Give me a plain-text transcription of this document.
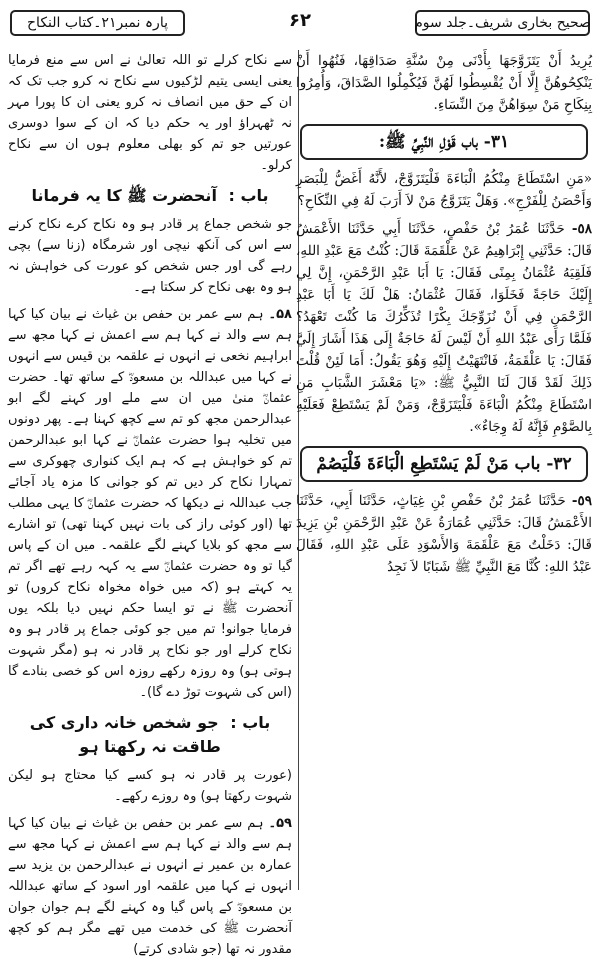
صحیح بخاری شریف۔جلد سوم
۶۲
پارہ نمبر۲۱۔کتاب النکاح

يُرِيدُ أَنْ يَتَزَوَّجَهَا بِأَدْنَى مِنْ سُنَّةِ صَدَاقِهَا، فَنُهُوا أَنْ يَنْكِحُوهُنَّ إِلَّا أَنْ يُقْسِطُوا لَهُنَّ فَيُكْمِلُوا الصَّدَاقَ، وَأُمِرُوا بِنِكَاحِ مَنْ سِوَاهُنَّ مِنَ النِّسَاءِ.

٣١- باب قَوْلِ النَّبِيِّ ﷺ:

«مَنِ اسْتَطَاعَ مِنْكُمُ الْبَاءَةَ فَلْيَتَزَوَّجْ، لأَنَّهُ أَغَضُّ لِلْبَصَرِ وَأَحْصَنُ لِلْفَرْجِ». وَهَلْ يَتَزَوَّجُ مَنْ لاَ أَرَبَ لَهُ فِي النِّكَاحِ؟

٥٨- حَدَّثَنَا عُمَرُ بْنُ حَفْصٍ، حَدَّثَنَا أَبِي حَدَّثَنَا الأَعْمَشُ قَالَ: حَدَّثَنِي إِبْرَاهِيمُ عَنْ عَلْقَمَةَ قَالَ: كُنْتُ مَعَ عَبْدِ اللهِ، فَلَقِيَهُ عُثْمَانُ بِمِنًى فَقَالَ: يَا أَبَا عَبْدِ الرَّحْمَنِ، إِنَّ لِي إِلَيْكَ حَاجَةً فَخَلَوَا، فَقَالَ عُثْمَانُ: هَلْ لَكَ يَا أَبَا عَبْدِ الرَّحْمَنِ فِي أَنْ نُزَوِّجَكَ بِكْرًا تُذَكِّرُكَ مَا كُنْتَ تَعْهَدُ؟ فَلَمَّا رَأَى عَبْدُ اللهِ أَنْ لَيْسَ لَهُ حَاجَةٌ إِلَى هَذَا أَشَارَ إِلَيَّ فَقَالَ: يَا عَلْقَمَةُ، فَانْتَهَيْتُ إِلَيْهِ وَهُوَ يَقُولُ: أَمَا لَئِنْ قُلْتَ ذَلِكَ لَقَدْ قَالَ لَنَا النَّبِيُّ ﷺ: «يَا مَعْشَرَ الشَّبَابِ مَنِ اسْتَطَاعَ مِنْكُمُ الْبَاءَةَ فَلْيَتَزَوَّجْ، وَمَنْ لَمْ يَسْتَطِعْ فَعَلَيْهِ بِالصَّوْمِ فَإِنَّهُ لَهُ وِجَاءٌ».

٣٢- باب مَنْ لَمْ يَسْتَطِعِ الْبَاءَةَ فَلْيَصُمْ

٥٩- حَدَّثَنَا عُمَرُ بْنُ حَفْصِ بْنِ غِيَاثٍ، حَدَّثَنَا أَبِي، حَدَّثَنَا الأَعْمَشُ قَالَ: حَدَّثَنِي عُمَارَةُ عَنْ عَبْدِ الرَّحْمَنِ بْنِ يَزِيدَ قَالَ: دَخَلْتُ مَعَ عَلْقَمَةَ وَالأَسْوَدِ عَلَى عَبْدِ اللهِ، فَقَالَ عَبْدُ اللهِ: كُنَّا مَعَ النَّبِيِّ ﷺ شَبَابًا لاَ نَجِدُ

سے نکاح کرلے تو اللہ تعالیٰ نے اس سے منع فرمایا یعنی ایسی یتیم لڑکیوں سے نکاح نہ کرو جب تک کہ ان کے حق میں انصاف نہ کرو یعنی ان کا پورا مہر نہ ٹھہراؤ اور یہ حکم دیا کہ ان کے سوا دوسری عورتیں جو تم کو بھلی معلوم ہوں ان سے نکاح کرلو۔

باب : آنحضرت ﷺ کا یہ فرمانا

جو شخص جماع پر قادر ہو وہ نکاح کرے نکاح کرنے سے اس کی آنکھ نیچی اور شرمگاہ (زنا سے) بچی رہے گی اور جس شخص کو عورت کی خواہش نہ ہو وہ بھی نکاح کر سکتا ہے۔

۵۸۔ ہم سے عمر بن حفص بن غیاث نے بیان کیا کہا ہم سے والد نے کہا ہم سے اعمش نے کہا مجھ سے ابراہیم نخعی نے انہوں نے علقمہ بن قیس سے انہوں نے کہا میں عبداللہ بن مسعودؓ کے ساتھ تھا۔ حضرت عثمانؓ منیٰ میں ان سے ملے اور کہنے لگے ابو عبدالرحمن مجھ کو تم سے کچھ کہنا ہے۔ پھر دونوں میں تخلیہ ہوا حضرت عثمانؓ نے کہا ابو عبدالرحمن تم کو خواہش ہے کہ ہم ایک کنواری چھوکری سے تمہارا نکاح کر دیں تم کو جوانی کا مزہ یاد آجائے جب عبداللہ نے دیکھا کہ حضرت عثمانؓ کا یہی مطلب تھا (اور کوئی راز کی بات نہیں کہنا تھی) تو اشارے سے مجھ کو بلایا کہنے لگے علقمہ۔ میں ان کے پاس گیا تو وہ حضرت عثمانؓ سے یہ کہہ رہے تھے اگر تم یہ کہتے ہو (کہ میں خواہ مخواہ نکاح کروں) تو آنحضرت ﷺ نے تو ایسا حکم نہیں دیا بلکہ یوں فرمایا جوانو! تم میں جو کوئی جماع پر قادر ہو وہ نکاح کرلے اور جو نکاح پر قادر نہ ہو (مگر شہوت ہوتی ہو) وہ روزہ رکھے روزہ اس کو خصی بنادے گا (اس کی شہوت توڑ دے گا)۔

باب : جو شخص خانہ داری کی طاقت نہ رکھتا ہو

(عورت پر قادر نہ ہو کسے کیا محتاج ہو لیکن شہوت رکھتا ہو) وہ روزے رکھے۔

۵۹۔ ہم سے عمر بن حفص بن غیاث نے بیان کیا کہا ہم سے والد نے کہا ہم سے اعمش نے کہا مجھ سے عمارہ بن عمیر نے انہوں نے عبدالرحمن بن یزید سے انہوں نے کہا میں علقمہ اور اسود کے ساتھ عبداللہ بن مسعودؓ کے پاس گیا وہ کہنے لگے ہم جوان جوان آنحضرت ﷺ کی خدمت میں تھے مگر ہم کو کچھ مقدور نہ تھا (جو شادی کرتے)
